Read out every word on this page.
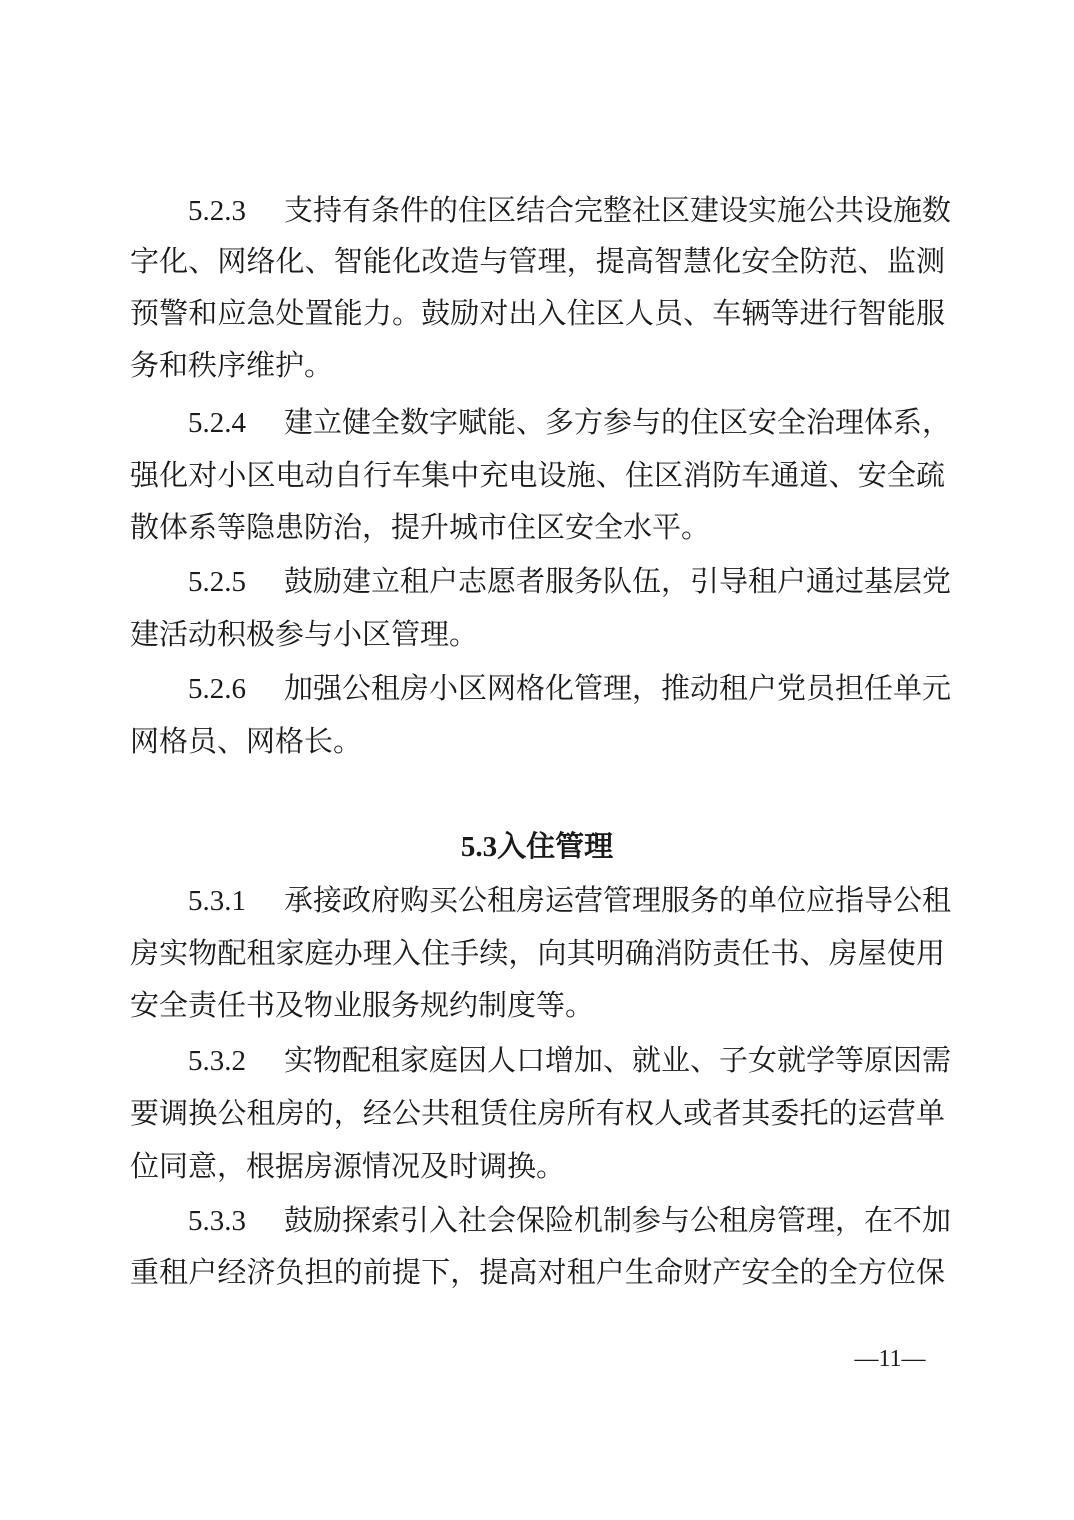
5.2.3 支持有条件的住区结合完整社区建设实施公共设施数

字化、网络化、智能化改造与管理，提高智慧化安全防范、监测

预警和应急处置能力。鼓励对出入住区人员、车辆等进行智能服

务和秩序维护。

5.2.4 建立健全数字赋能、多方参与的住区安全治理体系，

强化对小区电动自行车集中充电设施、住区消防车通道、安全疏

散体系等隐患防治，提升城市住区安全水平。

5.2.5 鼓励建立租户志愿者服务队伍，引导租户通过基层党

建活动积极参与小区管理。

5.2.6 加强公租房小区网格化管理，推动租户党员担任单元

网格员、网格长。

5.3入住管理

5.3.1 承接政府购买公租房运营管理服务的单位应指导公租

房实物配租家庭办理入住手续，向其明确消防责任书、房屋使用

安全责任书及物业服务规约制度等。

5.3.2 实物配租家庭因人口增加、就业、子女就学等原因需

要调换公租房的，经公共租赁住房所有权人或者其委托的运营单

位同意，根据房源情况及时调换。

5.3.3 鼓励探索引入社会保险机制参与公租房管理，在不加

重租户经济负担的前提下，提高对租户生命财产安全的全方位保

—11—
